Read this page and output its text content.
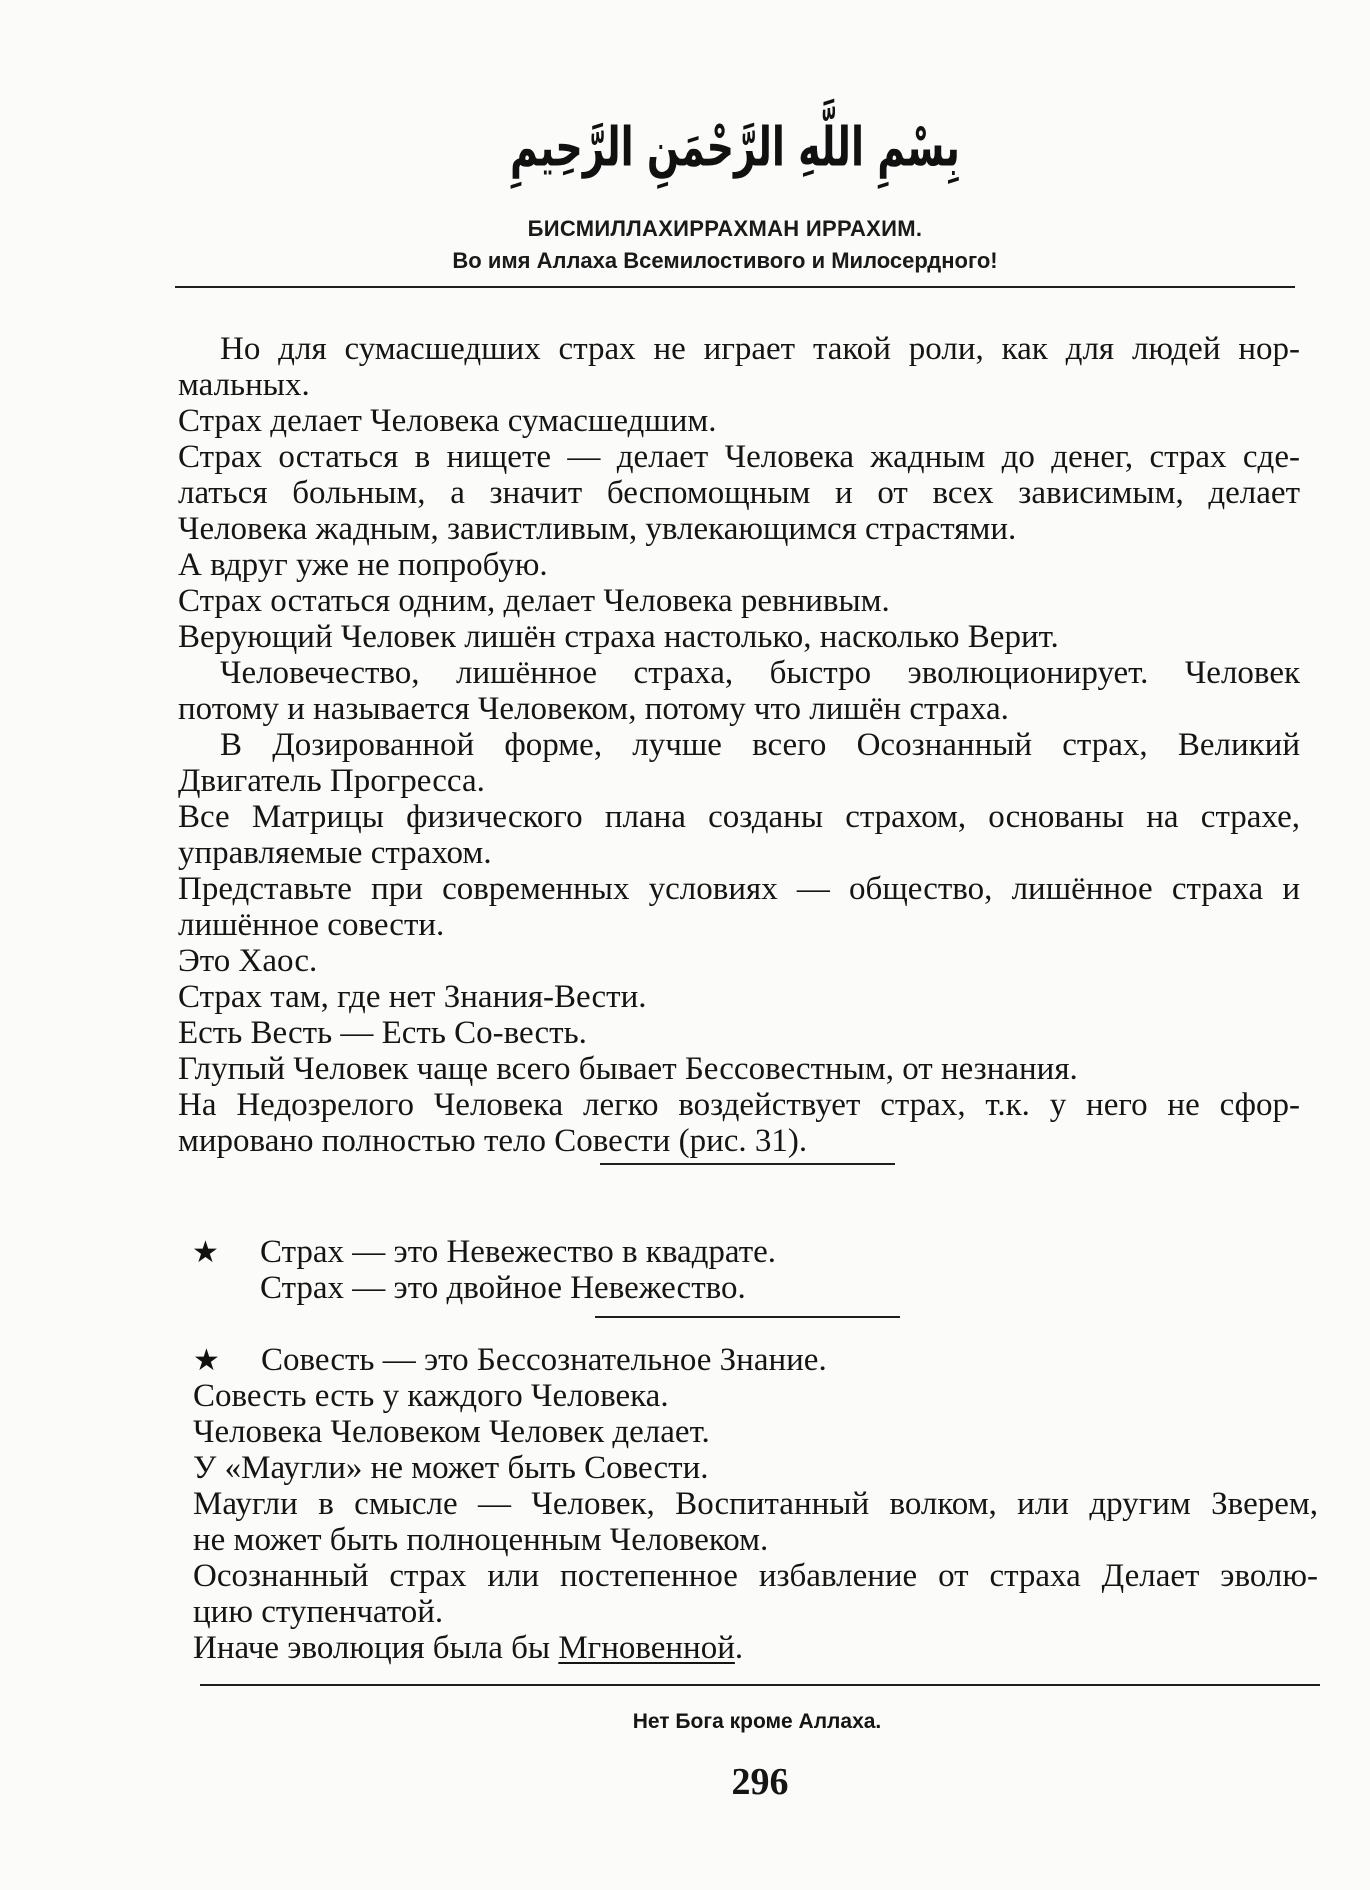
بِسْمِ اللَّهِ الرَّحْمَنِ الرَّحِيمِ
БИСМИЛЛАХИРРАХМАН ИРРАХИМ.
Во имя Аллаха Всемилостивого и Милосердного!
Но для сумасшедших страх не играет такой роли, как для людей нор-
мальных.
Страх делает Человека сумасшедшим.
Страх остаться в нищете — делает Человека жадным до денег, страх сде-
латься больным, а значит беспомощным и от всех зависимым, делает
Человека жадным, завистливым, увлекающимся страстями.
А вдруг уже не попробую.
Страх остаться одним, делает Человека ревнивым.
Верующий Человек лишён страха настолько, насколько Верит.
Человечество, лишённое страха, быстро эволюционирует. Человек
потому и называется Человеком, потому что лишён страха.
В Дозированной форме, лучше всего Осознанный страх, Великий
Двигатель Прогресса.
Все Матрицы физического плана созданы страхом, основаны на страхе,
управляемые страхом.
Представьте при современных условиях — общество, лишённое страха и
лишённое совести.
Это Хаос.
Страх там, где нет Знания-Вести.
Есть Весть — Есть Со-весть.
Глупый Человек чаще всего бывает Бессовестным, от незнания.
На Недозрелого Человека легко воздействует страх, т.к. у него не сфор-
мировано полностью тело Совести (рис. 31).
★ Страх — это Невежество в квадрате.
Страх — это двойное Невежество.
★ Совесть — это Бессознательное Знание.
Совесть есть у каждого Человека.
Человека Человеком Человек делает.
У «Маугли» не может быть Совести.
Маугли в смысле — Человек, Воспитанный волком, или другим Зверем,
не может быть полноценным Человеком.
Осознанный страх или постепенное избавление от страха Делает эволю-
цию ступенчатой.
Иначе эволюция была бы Мгновенной.
Нет Бога кроме Аллаха.
296
